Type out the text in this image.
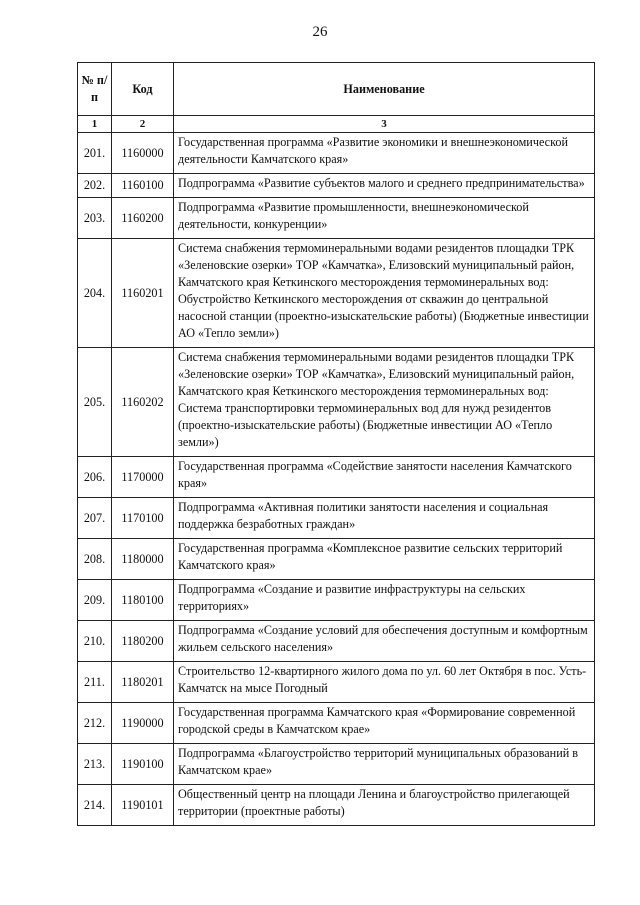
26
№ п/п	Код	Наименование
1	2	3
201.	1160000	Государственная программа «Развитие экономики и внешнеэкономической деятельности Камчатского края»
202.	1160100	Подпрограмма «Развитие субъектов малого и среднего предпринимательства»
203.	1160200	Подпрограмма «Развитие промышленности, внешнеэкономической деятельности, конкуренции»
204.	1160201	Система снабжения термоминеральными водами резидентов площадки ТРК «Зеленовские озерки» ТОР «Камчатка», Елизовский муниципальный район, Камчатского края Кеткинского месторождения термоминеральных вод: Обустройство Кеткинского месторождения от скважин до центральной насосной станции (проектно-изыскательские работы) (Бюджетные инвестиции АО «Тепло земли»)
205.	1160202	Система снабжения термоминеральными водами резидентов площадки ТРК «Зеленовские озерки» ТОР «Камчатка», Елизовский муниципальный район, Камчатского края Кеткинского месторождения термоминеральных вод: Система транспортировки термоминеральных вод для нужд резидентов (проектно-изыскательские работы) (Бюджетные инвестиции АО «Тепло земли»)
206.	1170000	Государственная программа «Содействие занятости населения Камчатского края»
207.	1170100	Подпрограмма «Активная политики занятости населения и социальная поддержка безработных граждан»
208.	1180000	Государственная программа «Комплексное развитие сельских территорий Камчатского края»
209.	1180100	Подпрограмма «Создание и развитие инфраструктуры на сельских территориях»
210.	1180200	Подпрограмма «Создание условий для обеспечения доступным и комфортным жильем сельского населения»
211.	1180201	Строительство 12-квартирного жилого дома по ул. 60 лет Октября в пос. Усть-Камчатск на мысе Погодный
212.	1190000	Государственная программа Камчатского края «Формирование современной городской среды в Камчатском крае»
213.	1190100	Подпрограмма «Благоустройство территорий муниципальных образований в Камчатском крае»
214.	1190101	Общественный центр на площади Ленина и благоустройство прилегающей территории (проектные работы)
